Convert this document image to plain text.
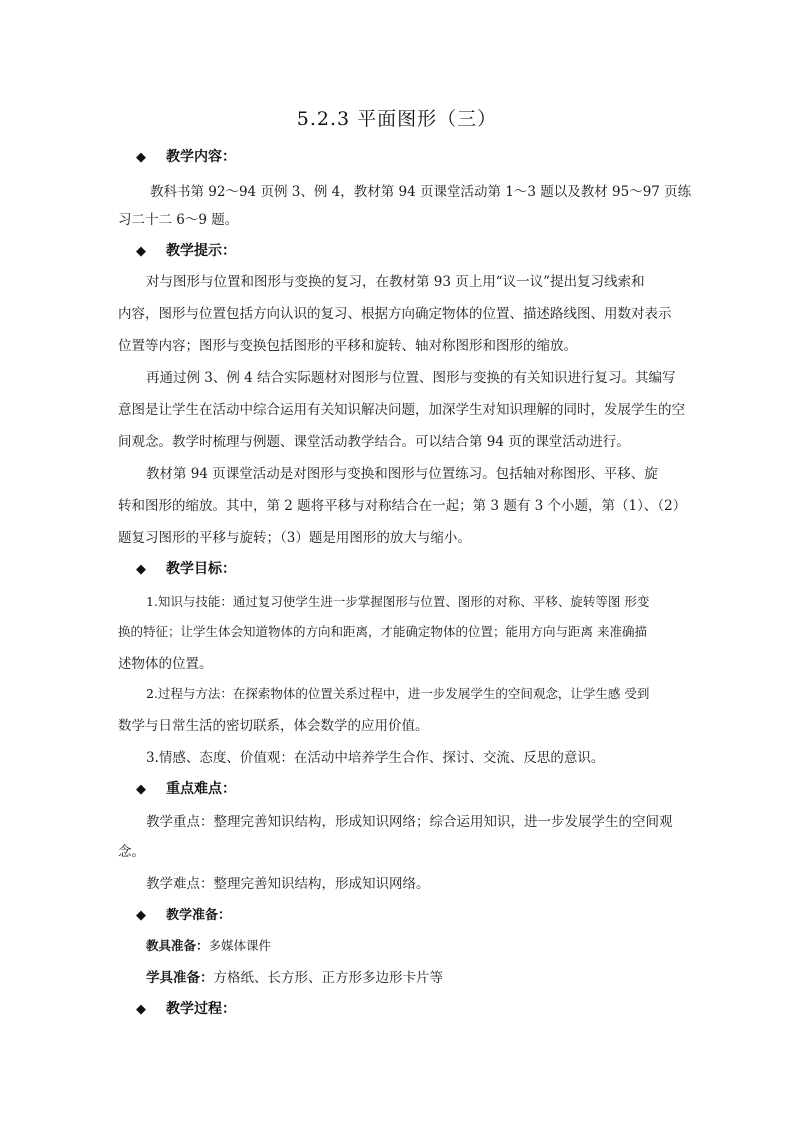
5.2.3 平面图形（三）
◆ 教学内容：
教科书第 92～94 页例 3、例 4，教材第 94 页课堂活动第 1～3 题以及教材 95～97 页练
习二十二 6～9 题。
◆ 教学提示：
对与图形与位置和图形与变换的复习，在教材第 93 页上用“议一议”提出复习线索和
内容，图形与位置包括方向认识的复习、根据方向确定物体的位置、描述路线图、用数对表示
位置等内容；图形与变换包括图形的平移和旋转、轴对称图形和图形的缩放。
再通过例 3、例 4 结合实际题材对图形与位置、图形与变换的有关知识进行复习。其编写
意图是让学生在活动中综合运用有关知识解决问题，加深学生对知识理解的同时，发展学生的空
间观念。教学时梳理与例题、课堂活动教学结合。可以结合第 94 页的课堂活动进行。
教材第 94 页课堂活动是对图形与变换和图形与位置练习。包括轴对称图形、平移、旋
转和图形的缩放。其中，第 2 题将平移与对称结合在一起；第 3 题有 3 个小题，第（1）、（2）
题复习图形的平移与旋转；（3）题是用图形的放大与缩小。
◆ 教学目标：
1.知识与技能：通过复习使学生进一步掌握图形与位置、图形的对称、平移、旋转等图 形变
换的特征；让学生体会知道物体的方向和距离，才能确定物体的位置；能用方向与距离 来准确描
述物体的位置。
2.过程与方法：在探索物体的位置关系过程中，进一步发展学生的空间观念，让学生感 受到
数学与日常生活的密切联系，体会数学的应用价值。
3.情感、态度、价值观：在活动中培养学生合作、探讨、交流、反思的意识。
◆ 重点难点：
教学重点：整理完善知识结构，形成知识网络；综合运用知识，进一步发展学生的空间观
念。
教学难点：整理完善知识结构，形成知识网络。
◆ 教学准备：
教具准备：多媒体课件
学具准备：方格纸、长方形、正方形多边形卡片等
◆ 教学过程：
